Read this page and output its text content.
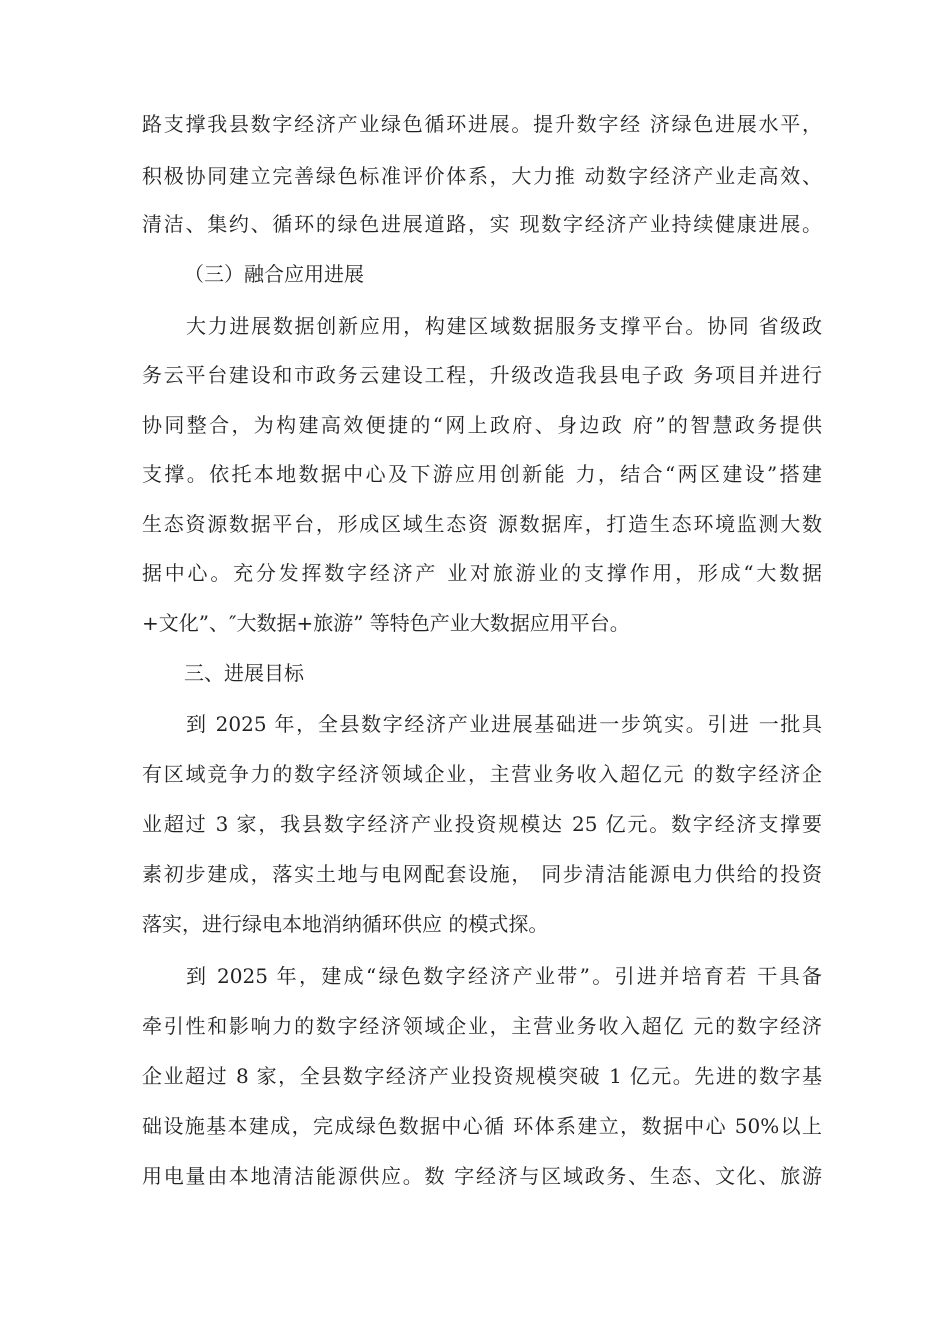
路支撑我县数字经济产业绿色循环进展。提升数字经 济绿色进展水平，
积极协同建立完善绿色标准评价体系，大力推 动数字经济产业走高效、
清洁、集约、循环的绿色进展道路，实 现数字经济产业持续健康进展。
（三）融合应用进展
大力进展数据创新应用，构建区域数据服务支撑平台。协同 省级政
务云平台建设和市政务云建设工程，升级改造我县电子政 务项目并进行
协同整合，为构建高效便捷的“网上政府、身边政 府”的智慧政务提供
支撑。依托本地数据中心及下游应用创新能 力，结合“两区建设”搭建
生态资源数据平台，形成区域生态资 源数据库，打造生态环境监测大数
据中心。充分发挥数字经济产 业对旅游业的支撑作用，形成“大数据
+文化”、″大数据+旅游” 等特色产业大数据应用平台。
三、进展目标
到 2025 年，全县数字经济产业进展基础进一步筑实。引进 一批具
有区域竞争力的数字经济领域企业，主营业务收入超亿元 的数字经济企
业超过 3 家，我县数字经济产业投资规模达 25 亿元。数字经济支撑要
素初步建成，落实土地与电网配套设施， 同步清洁能源电力供给的投资
落实，进行绿电本地消纳循环供应 的模式探。
到 2025 年，建成“绿色数字经济产业带”。引进并培育若 干具备
牵引性和影响力的数字经济领域企业，主营业务收入超亿 元的数字经济
企业超过 8 家，全县数字经济产业投资规模突破 1 亿元。先进的数字基
础设施基本建成，完成绿色数据中心循 环体系建立，数据中心 50%以上
用电量由本地清洁能源供应。数 字经济与区域政务、生态、文化、旅游
